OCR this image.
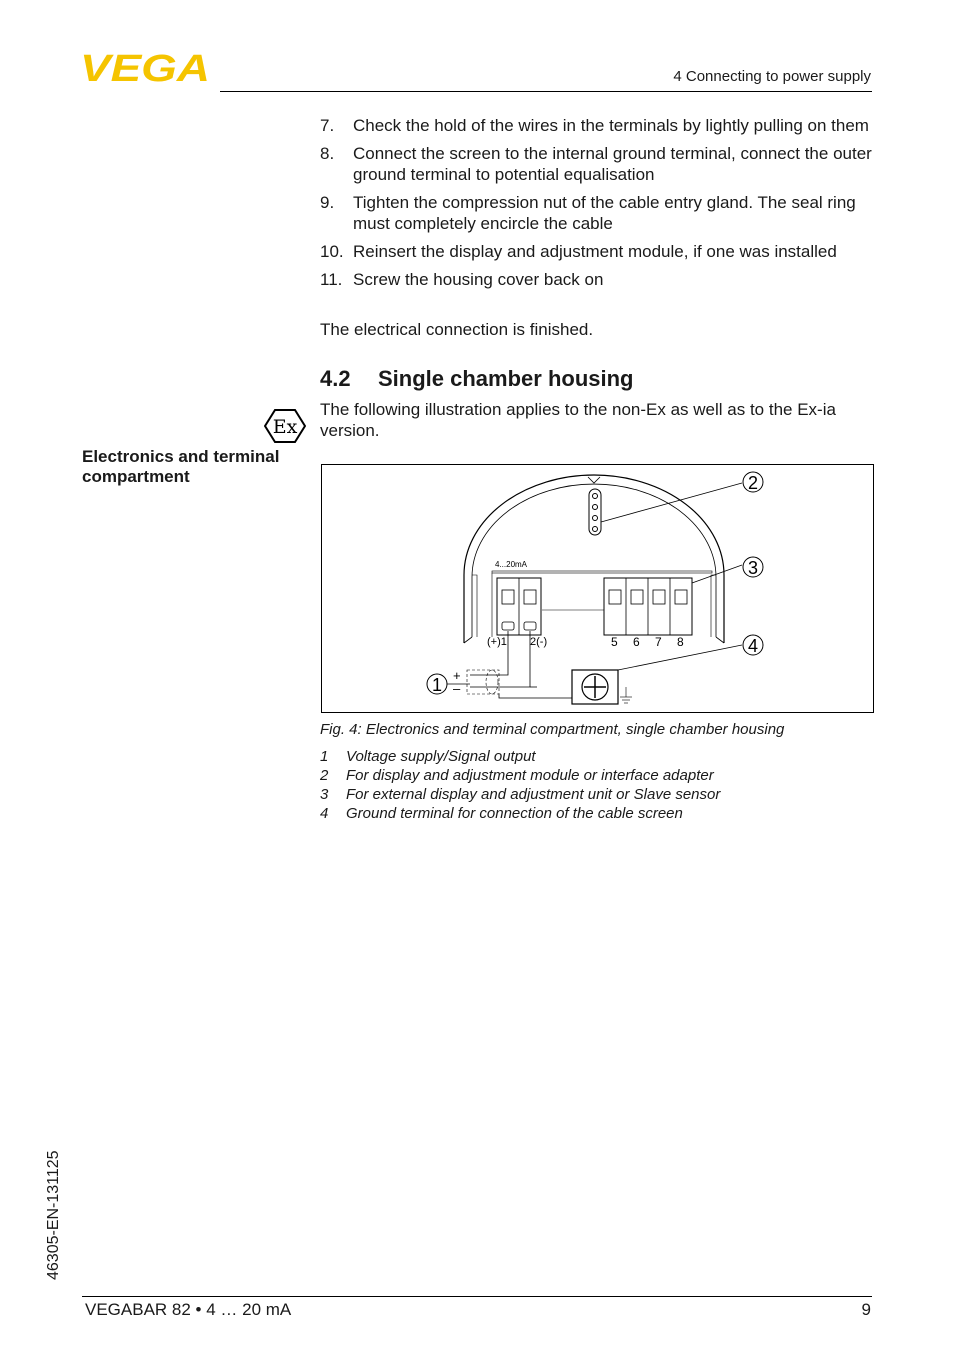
VEGA	4 Connecting to power supply
7. Check the hold of the wires in the terminals by lightly pulling on them
8. Connect the screen to the internal ground terminal, connect the outer ground terminal to potential equalisation
9. Tighten the compression nut of the cable entry gland. The seal ring must completely encircle the cable
10. Reinsert the display and adjustment module, if one was installed
11. Screw the housing cover back on
The electrical connection is finished.
4.2 Single chamber housing
Ex
The following illustration applies to the non-Ex as well as to the Ex-ia version.
Electronics and terminal compartment
4...20mA
(+)1 2(-)	5 6 7 8
+
–
2
3
4
1
Fig. 4: Electronics and terminal compartment, single chamber housing
1 Voltage supply/Signal output
2 For display and adjustment module or interface adapter
3 For external display and adjustment unit or Slave sensor
4 Ground terminal for connection of the cable screen
46305-EN-131125
VEGABAR 82 • 4 … 20 mA	9
